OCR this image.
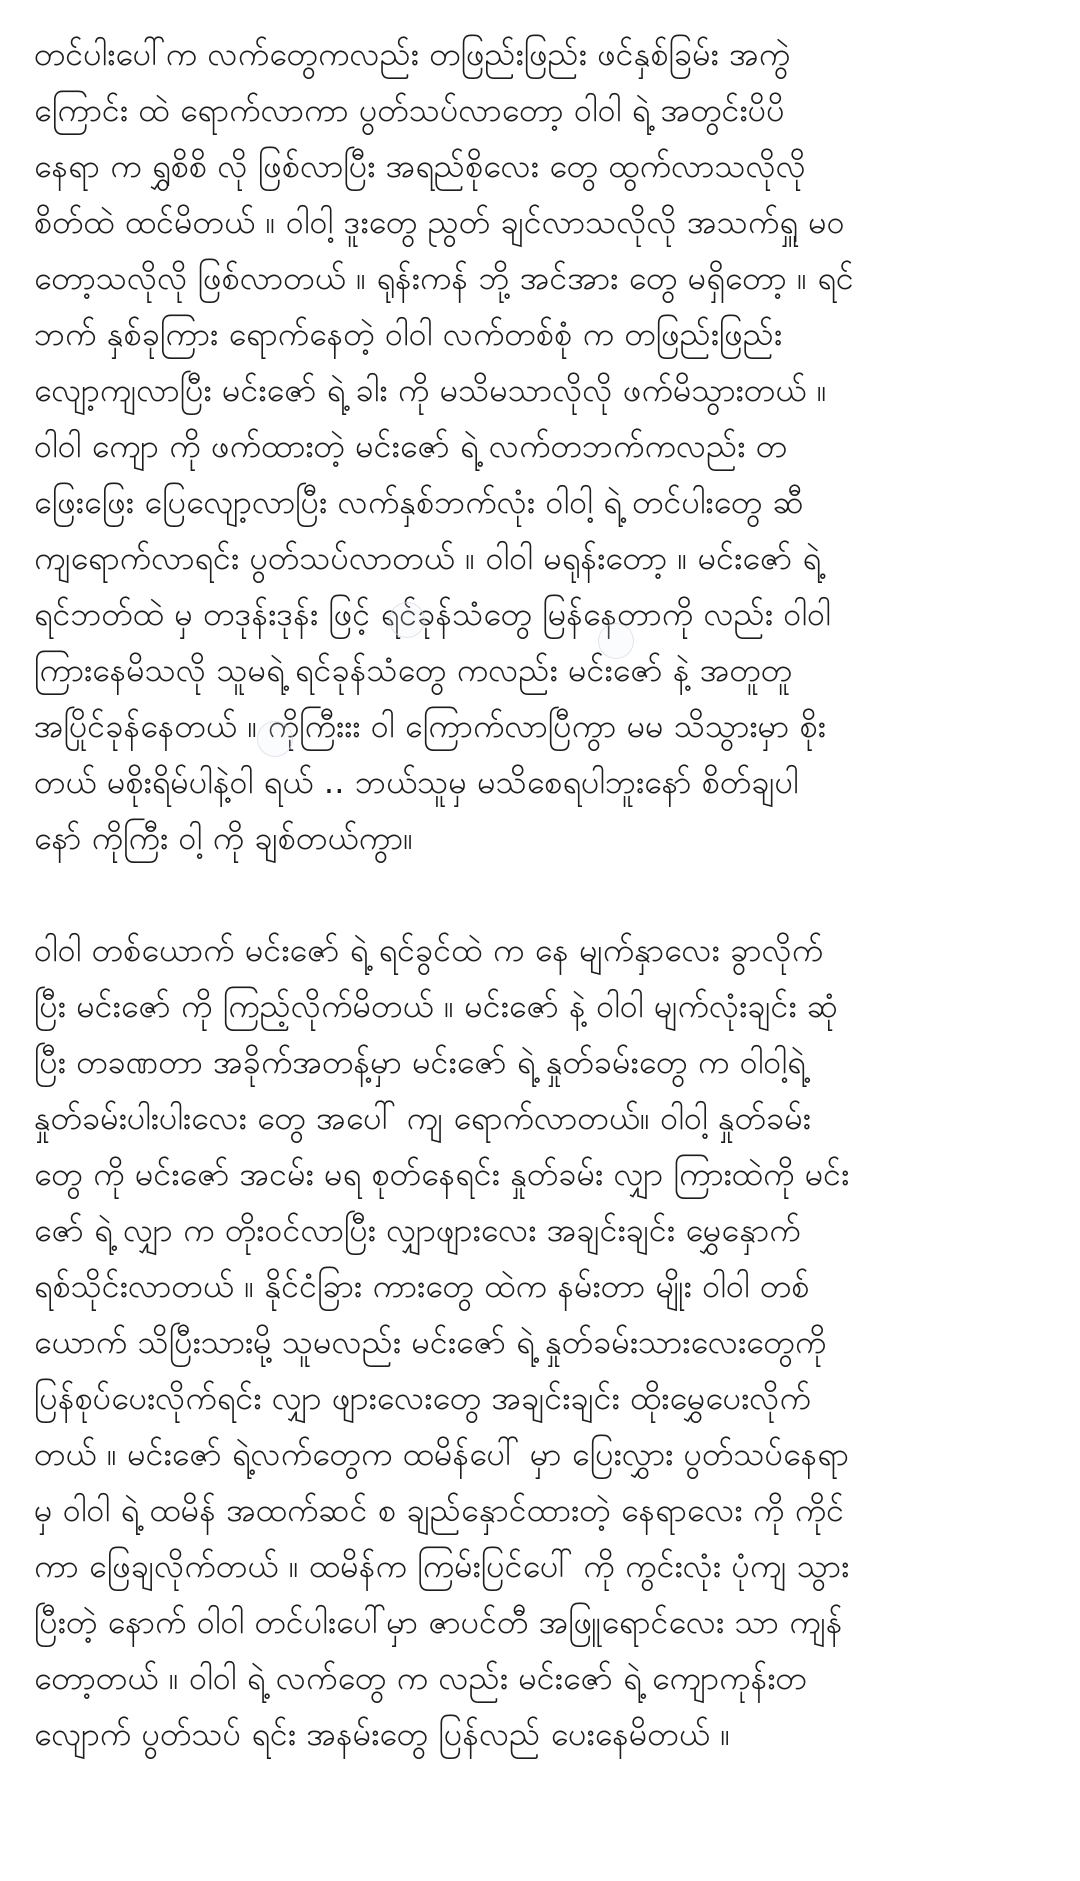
တင်ပါးပေါ်က လက်တွေကလည်း တဖြည်းဖြည်း ဖင်နှစ်ခြမ်း အကွဲ
ကြောင်း ထဲ ရောက်လာကာ ပွတ်သပ်လာတော့ ဝါဝါ ရဲ့ အတွင်းပိပိ
နေရာ က ရွှစိစိ လို ဖြစ်လာပြီး အရည်စိုလေး တွေ ထွက်လာသလိုလို
စိတ်ထဲ ထင်မိတယ် ။ ဝါဝါ့ ဒူးတွေ ညွတ် ချင်လာသလိုလို အသက်ရှူ မဝ
တော့သလိုလို ဖြစ်လာတယ် ။ ရုန်းကန် ဘို့ အင်အား တွေ မရှိတော့ ။ ရင်
ဘက် နှစ်ခုကြား ရောက်နေတဲ့ ဝါဝါ လက်တစ်စုံ က တဖြည်းဖြည်း
လျော့ကျလာပြီး မင်းဇော် ရဲ့ ခါး ကို မသိမသာလိုလို ဖက်မိသွားတယ် ။
ဝါဝါ ကျော ကို ဖက်ထားတဲ့ မင်းဇော် ရဲ့ လက်တဘက်ကလည်း တ
ဖြေးဖြေး ပြေလျော့လာပြီး လက်နှစ်ဘက်လုံး ဝါဝါ့ ရဲ့ တင်ပါးတွေ ဆီ
ကျရောက်လာရင်း ပွတ်သပ်လာတယ် ။ ဝါဝါ မရုန်းတော့ ။ မင်းဇော် ရဲ့
ရင်ဘတ်ထဲ မှ တဒုန်းဒုန်း ဖြင့် ရင်ခုန်သံတွေ မြန်နေတာကို လည်း ဝါဝါ
ကြားနေမိသလို သူမရဲ့ ရင်ခုန်သံတွေ ကလည်း မင်းဇော် နဲ့ အတူတူ
အပြိုင်ခုန်နေတယ် ။ ကိုကြီးးး ဝါ ကြောက်လာပြီကွာ မမ သိသွားမှာ စိုး
တယ် မစိုးရိမ်ပါနဲ့ဝါ ရယ် .. ဘယ်သူမှ မသိစေရပါဘူးနော် စိတ်ချပါ
နော် ကိုကြီး ဝါ့ ကို ချစ်တယ်ကွာ။
ဝါဝါ တစ်ယောက် မင်းဇော် ရဲ့ ရင်ခွင်ထဲ က နေ မျက်နှာလေး ခွာလိုက်
ပြီး မင်းဇော် ကို ကြည့်လိုက်မိတယ် ။ မင်းဇော် နဲ့ ဝါဝါ မျက်လုံးချင်း ဆုံ
ပြီး တခဏတာ အခိုက်အတန့်မှာ မင်းဇော် ရဲ့ နှုတ်ခမ်းတွေ က ဝါဝါ့ရဲ့
နှုတ်ခမ်းပါးပါးလေး တွေ အပေါ် ကျ ရောက်လာတယ်။ ဝါဝါ့ နှုတ်ခမ်း
တွေ ကို မင်းဇော် အငမ်း မရ စုတ်နေရင်း နှုတ်ခမ်း လျှာ ကြားထဲကို မင်း
ဇော် ရဲ့ လျှာ က တိုးဝင်လာပြီး လျှာဖျားလေး အချင်းချင်း မွှေနှောက်
ရစ်သိုင်းလာတယ် ။ နိုင်ငံခြား ကားတွေ ထဲက နမ်းတာ မျိုး ဝါဝါ တစ်
ယောက် သိပြီးသားမို့ သူမလည်း မင်းဇော် ရဲ့ နှုတ်ခမ်းသားလေးတွေကို
ပြန်စုပ်ပေးလိုက်ရင်း လျှာ ဖျားလေးတွေ အချင်းချင်း ထိုးမွှေပေးလိုက်
တယ် ။ မင်းဇော် ရဲ့လက်တွေက ထမိန်ပေါ် မှာ ပြေးလွှား ပွတ်သပ်နေရာ
မှ ဝါဝါ ရဲ့ ထမိန် အထက်ဆင် စ ချည်နှောင်ထားတဲ့ နေရာလေး ကို ကိုင်
ကာ ဖြေချလိုက်တယ် ။ ထမိန်က ကြမ်းပြင်ပေါ် ကို ကွင်းလုံး ပုံကျ သွား
ပြီးတဲ့ နောက် ဝါဝါ တင်ပါးပေါ်မှာ ဇာပင်တီ အဖြူရောင်လေး သာ ကျန်
တော့တယ် ။ ဝါဝါ ရဲ့ လက်တွေ က လည်း မင်းဇော် ရဲ့ ကျောကုန်းတ
လျောက် ပွတ်သပ် ရင်း အနမ်းတွေ ပြန်လည် ပေးနေမိတယ် ။
